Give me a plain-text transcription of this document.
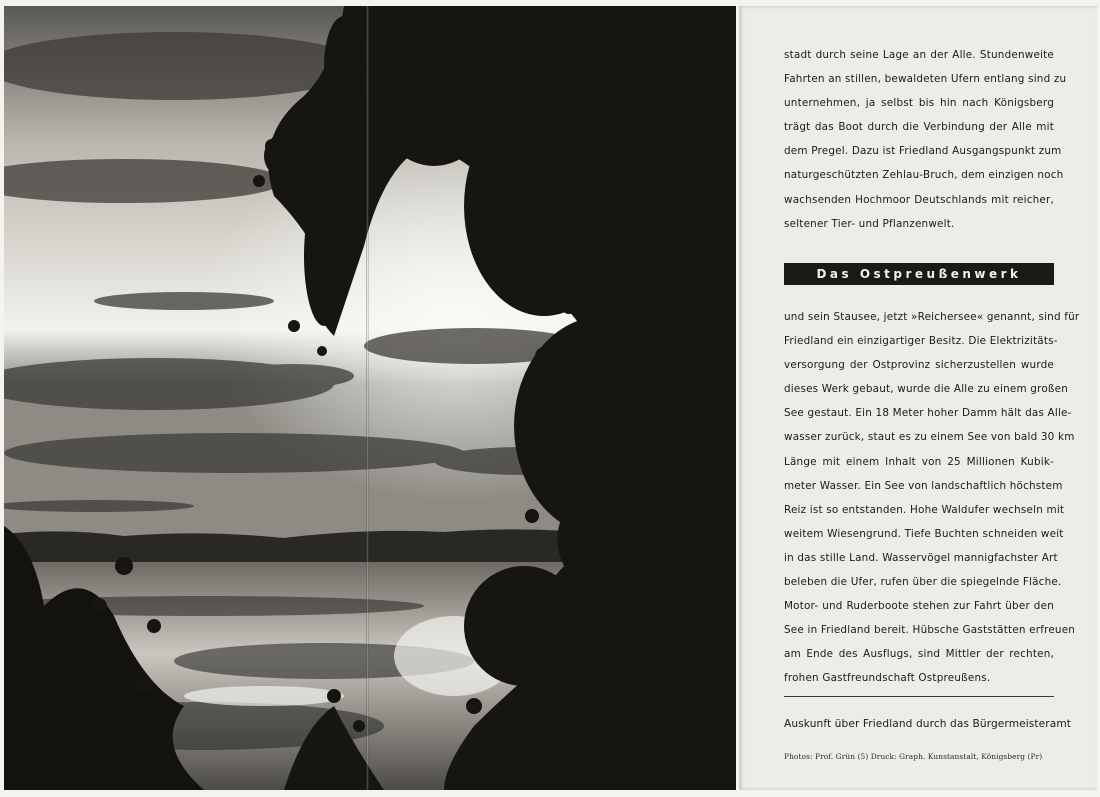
stadt durch seine Lage an der Alle. Stundenweite
Fahrten an stillen, bewaldeten Ufern entlang sind zu
unternehmen, ja selbst bis hin nach Königsberg
trägt das Boot durch die Verbindung der Alle mit
dem Pregel. Dazu ist Friedland Ausgangspunkt zum
naturgeschützten Zehlau-Bruch, dem einzigen noch
wachsenden Hochmoor Deutschlands mit reicher,
seltener Tier- und Pflanzenwelt.
Das Ostpreußenwerk
und sein Stausee, jetzt »Reichersee« genannt, sind für
Friedland ein einzigartiger Besitz. Die Elektrizitäts-
versorgung der Ostprovinz sicherzustellen wurde
dieses Werk gebaut, wurde die Alle zu einem großen
See gestaut. Ein 18 Meter hoher Damm hält das Alle-
wasser zurück, staut es zu einem See von bald 30 km
Länge mit einem Inhalt von 25 Millionen Kubik-
meter Wasser. Ein See von landschaftlich höchstem
Reiz ist so entstanden. Hohe Waldufer wechseln mit
weitem Wiesengrund. Tiefe Buchten schneiden weit
in das stille Land. Wasservögel mannigfachster Art
beleben die Ufer, rufen über die spiegelnde Fläche.
Motor- und Ruderboote stehen zur Fahrt über den
See in Friedland bereit. Hübsche Gaststätten erfreuen
am Ende des Ausflugs, sind Mittler der rechten,
frohen Gastfreundschaft Ostpreußens.
Auskunft über Friedland durch das Bürgermeisteramt
Photos: Prof. Grün (5) Druck: Graph. Kunstanstalt, Königsberg (Pr)
